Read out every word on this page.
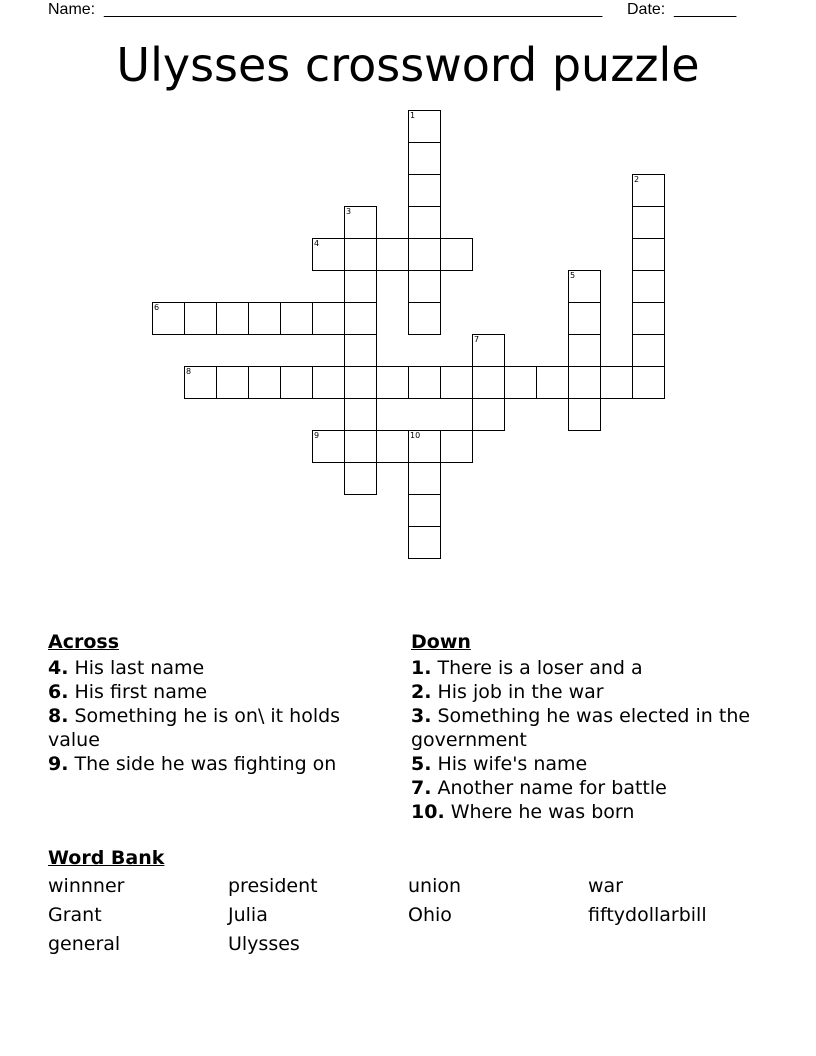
Name: ________________________________________________________ Date: _______
Ulysses crossword puzzle
1
2
3
4
5
6
7
8
9	10
Across

4. His last name

6. His first name

8. Something he is on\ it holds value

9. The side he was fighting on

Down

1. There is a loser and a

2. His job in the war

3. Something he was elected in the government

5. His wife's name

7. Another name for battle

10. Where he was born

Word Bank
winnner	president	union	war
Grant	Julia	Ohio	fiftydollarbill
general	Ulysses
